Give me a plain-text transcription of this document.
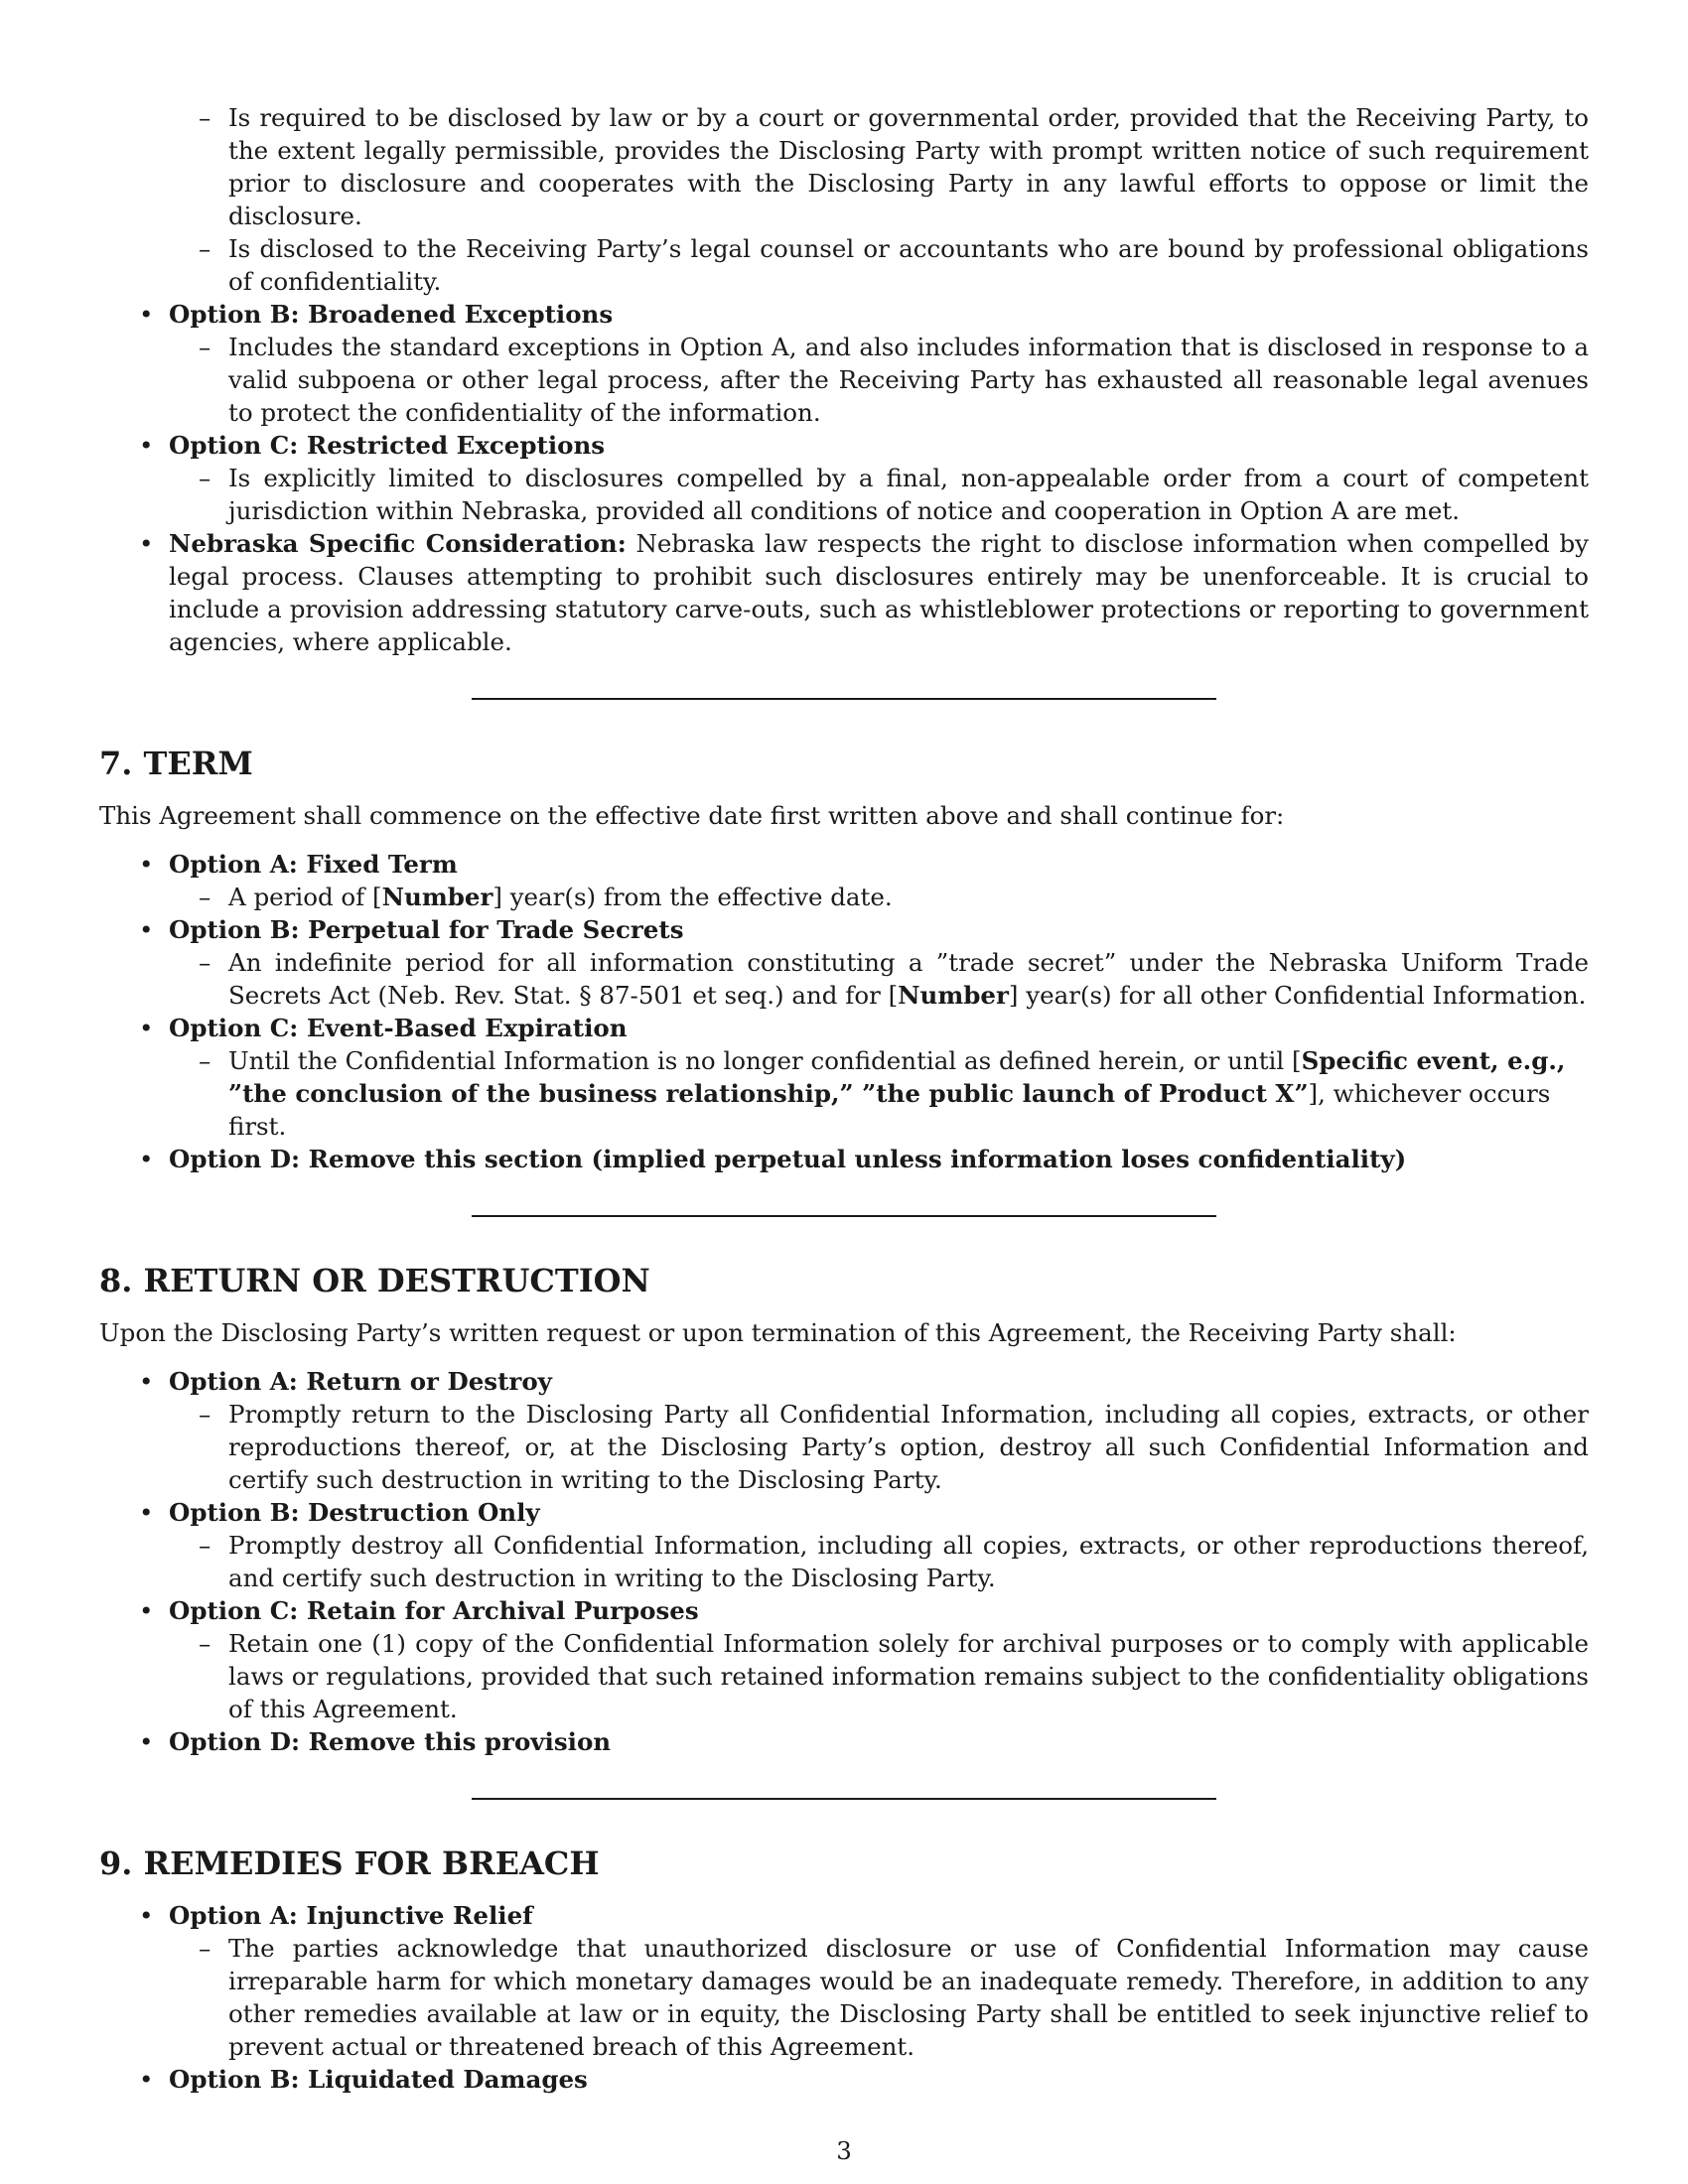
– Is required to be disclosed by law or by a court or governmental order, provided that the Receiving Party, to the extent legally permissible, provides the Disclosing Party with prompt written notice of such requirement prior to disclosure and cooperates with the Disclosing Party in any lawful efforts to oppose or limit the disclosure.
– Is disclosed to the Receiving Party’s legal counsel or accountants who are bound by professional obligations of confidentiality.
• Option B: Broadened Exceptions
– Includes the standard exceptions in Option A, and also includes information that is disclosed in response to a valid subpoena or other legal process, after the Receiving Party has exhausted all reasonable legal avenues to protect the confidentiality of the information.
• Option C: Restricted Exceptions
– Is explicitly limited to disclosures compelled by a final, non-appealable order from a court of competent jurisdiction within Nebraska, provided all conditions of notice and cooperation in Option A are met.
• Nebraska Specific Consideration: Nebraska law respects the right to disclose information when compelled by legal process. Clauses attempting to prohibit such disclosures entirely may be unenforceable. It is crucial to include a provision addressing statutory carve-outs, such as whistleblower protections or reporting to government agencies, where applicable.
7. TERM

This Agreement shall commence on the effective date first written above and shall continue for:

• Option A: Fixed Term
– A period of [Number] year(s) from the effective date.
• Option B: Perpetual for Trade Secrets
– An indefinite period for all information constituting a ”trade secret” under the Nebraska Uniform Trade Secrets Act (Neb. Rev. Stat. § 87-501 et seq.) and for [Number] year(s) for all other Confidential Information.
• Option C: Event-Based Expiration
– Until the Confidential Information is no longer confidential as defined herein, or until [Specific event, e.g., ”the conclusion of the business relationship,” ”the public launch of Product X”], whichever occurs first.
• Option D: Remove this section (implied perpetual unless information loses confidentiality)
8. RETURN OR DESTRUCTION

Upon the Disclosing Party’s written request or upon termination of this Agreement, the Receiving Party shall:

• Option A: Return or Destroy
– Promptly return to the Disclosing Party all Confidential Information, including all copies, extracts, or other reproductions thereof, or, at the Disclosing Party’s option, destroy all such Confidential Information and certify such destruction in writing to the Disclosing Party.
• Option B: Destruction Only
– Promptly destroy all Confidential Information, including all copies, extracts, or other reproductions thereof, and certify such destruction in writing to the Disclosing Party.
• Option C: Retain for Archival Purposes
– Retain one (1) copy of the Confidential Information solely for archival purposes or to comply with applicable laws or regulations, provided that such retained information remains subject to the confidentiality obligations of this Agreement.
• Option D: Remove this provision
9. REMEDIES FOR BREACH
• Option A: Injunctive Relief
– The parties acknowledge that unauthorized disclosure or use of Confidential Information may cause irreparable harm for which monetary damages would be an inadequate remedy. Therefore, in addition to any other remedies available at law or in equity, the Disclosing Party shall be entitled to seek injunctive relief to prevent actual or threatened breach of this Agreement.
• Option B: Liquidated Damages
3
